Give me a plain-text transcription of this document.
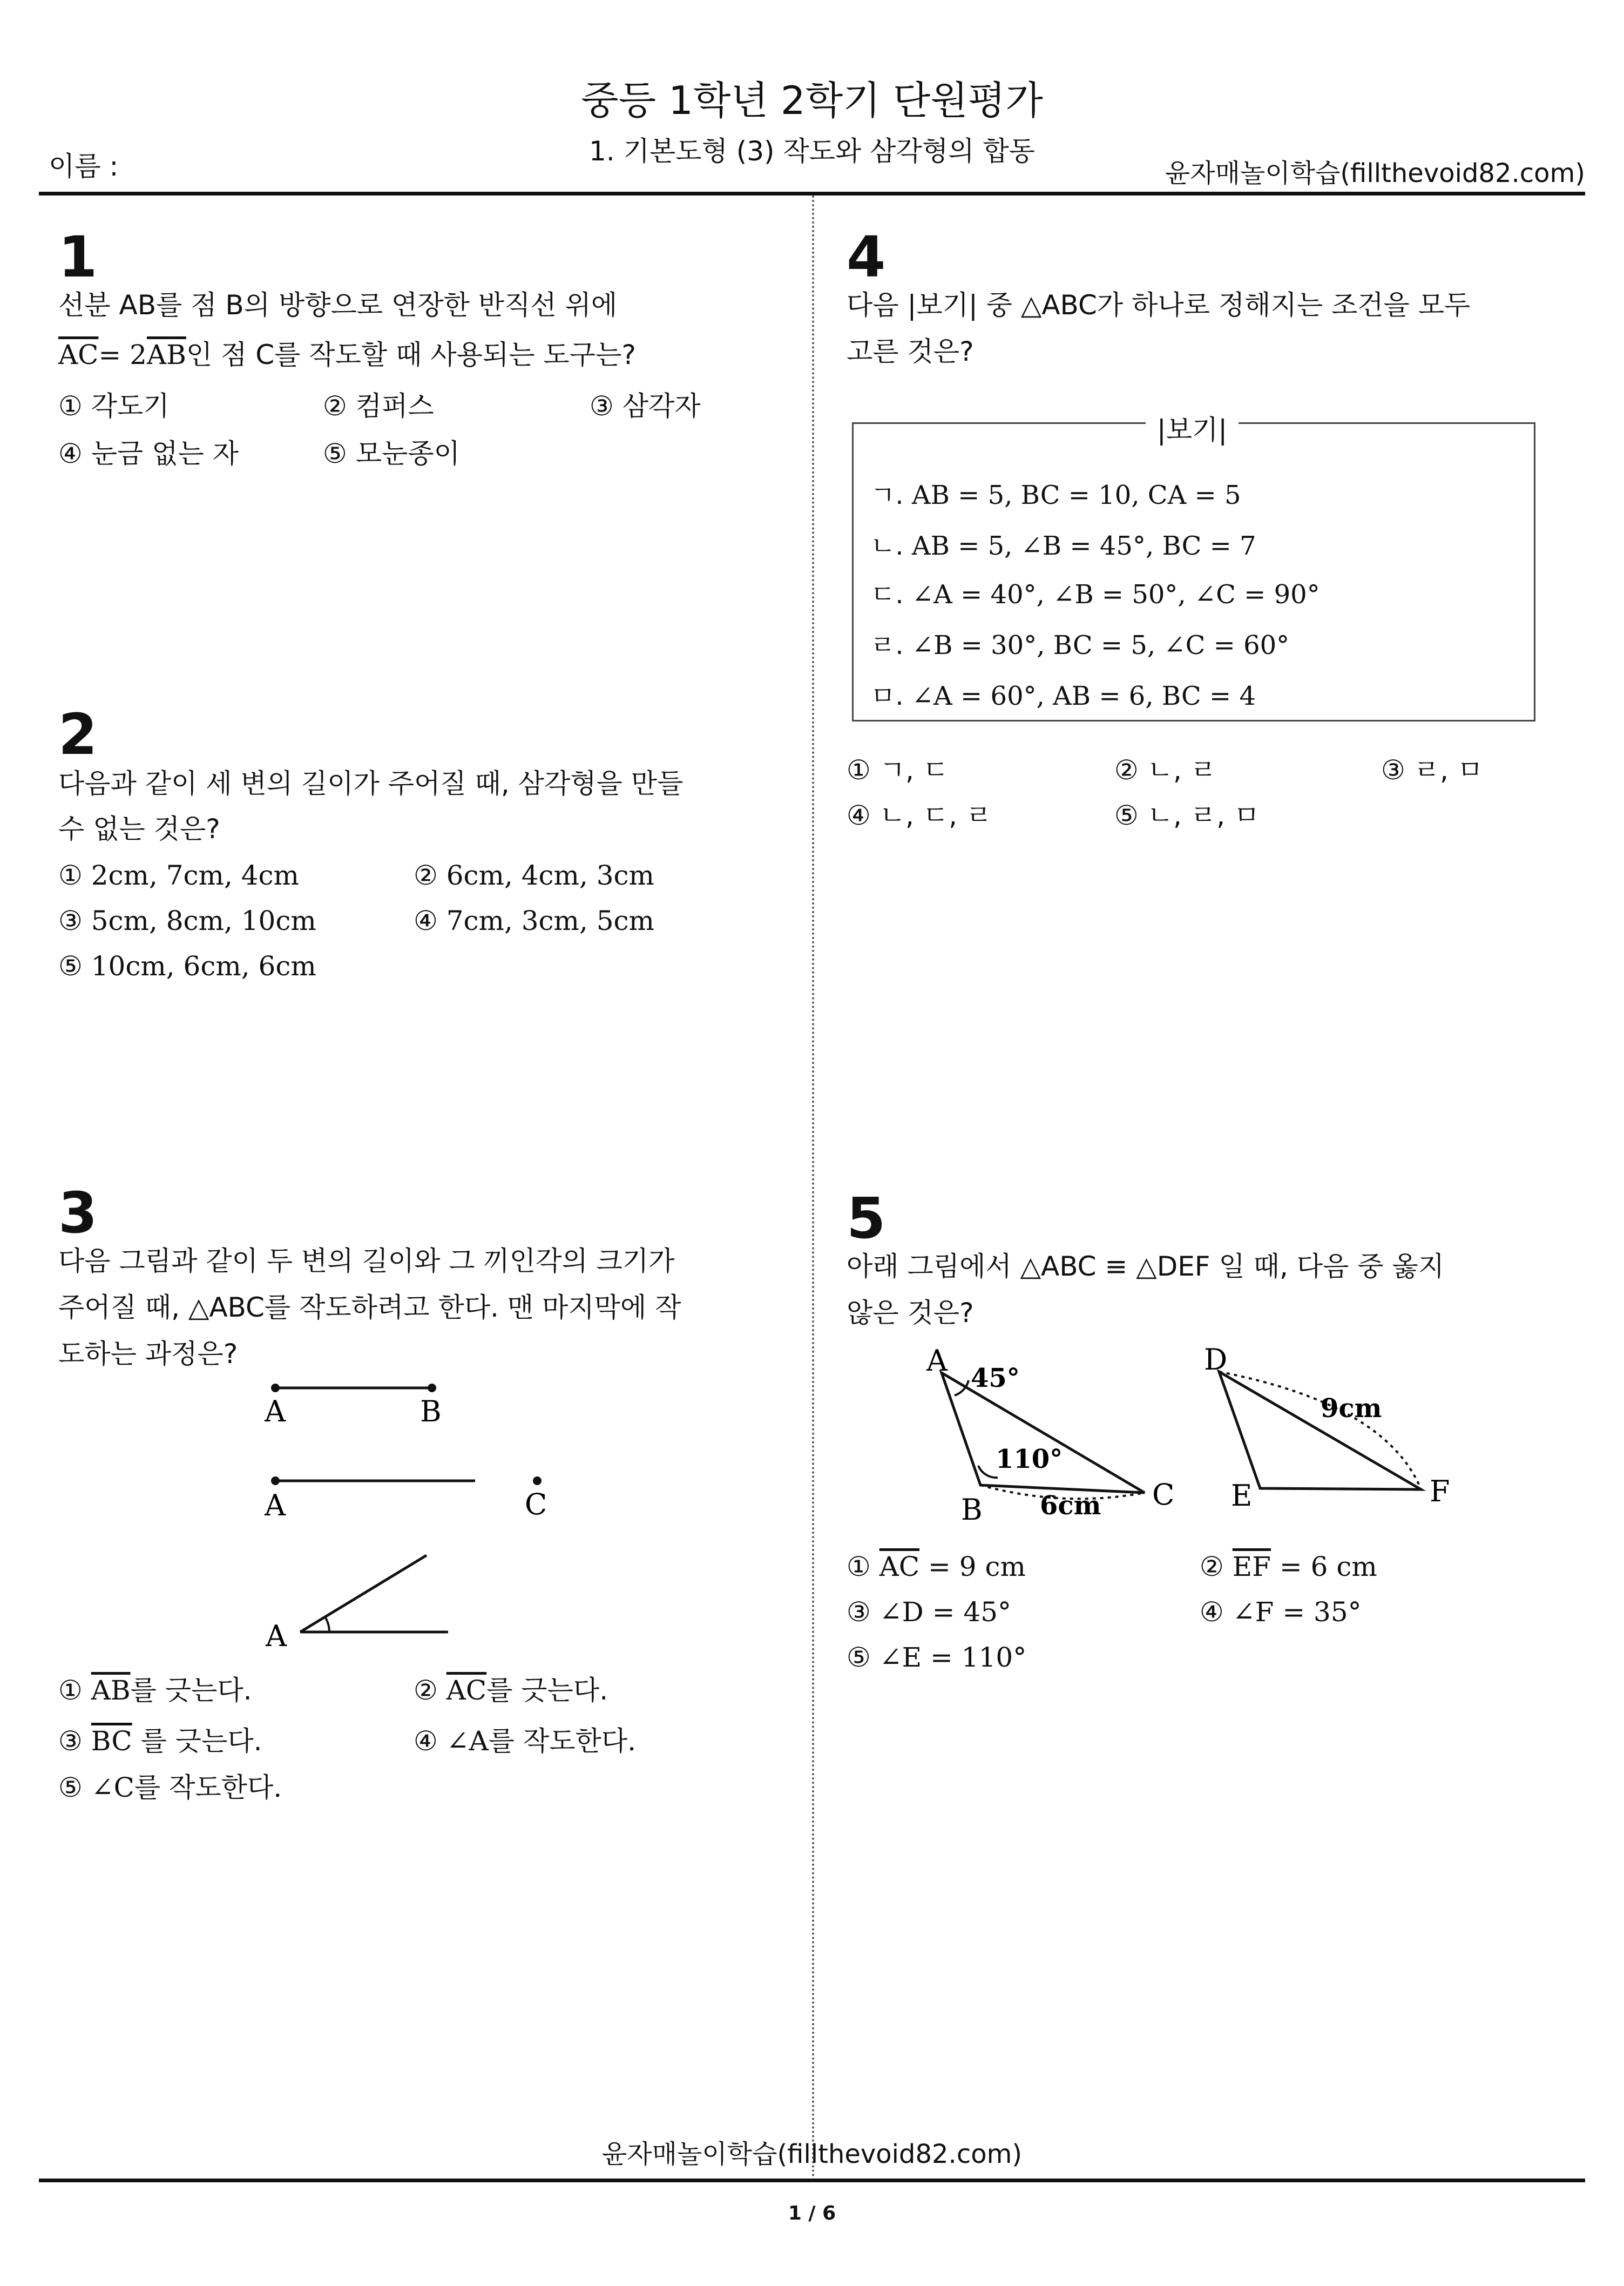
중등 1학년 2학기 단원평가
1. 기본도형 (3) 작도와 삼각형의 합동
이름 :	윤자매놀이학습(fillthevoid82.com)
1
선분 AB를 점 B의 방향으로 연장한 반직선 위에
$\overline{AC}= 2\overline{AB}$인 점 C를 작도할 때 사용되는 도구는?
① 각도기	② 컴퍼스	③ 삼각자
④ 눈금 없는 자	⑤ 모눈종이
2
다음과 같이 세 변의 길이가 주어질 때, 삼각형을 만들
수 없는 것은?
① 2cm, 7cm, 4cm	② 6cm, 4cm, 3cm
③ 5cm, 8cm, 10cm	④ 7cm, 3cm, 5cm
⑤ 10cm, 6cm, 6cm
3
다음 그림과 같이 두 변의 길이와 그 끼인각의 크기가
주어질 때, △ABC를 작도하려고 한다. 맨 마지막에 작
도하는 과정은?
A	B
A
A
C
① $\overline{AB}$를 긋는다.	② $\overline{AC}$를 긋는다.
③ $\overline{BC}$ 를 긋는다.	④ ∠A를 작도한다.
⑤ ∠C를 작도한다.
4
다음 |보기| 중 △ABC가 하나로 정해지는 조건을 모두
고른 것은?
|보기|
ㄱ. AB = 5, BC = 10, CA = 5
ㄴ. AB = 5, ∠B = 45°, BC = 7
ㄷ. ∠A = 40°, ∠B = 50°, ∠C = 90°
ㄹ. ∠B = 30°, BC = 5, ∠C = 60°
ㅁ. ∠A = 60°, AB = 6, BC = 4
① ㄱ, ㄷ	② ㄴ, ㄹ	③ ㄹ, ㅁ
④ ㄴ, ㄷ, ㄹ	⑤ ㄴ, ㄹ, ㅁ
5
아래 그림에서 △ABC ≡ △DEF 일 때, 다음 중 옳지
않은 것은?
A
B	C
45°
110°
6cm
D
E	F
9cm
① $\overline{AC} = 9$ cm	② $\overline{EF} = 6$ cm
③ ∠D = 45°	④ ∠F = 35°
⑤ ∠E = 110°
윤자매놀이학습(fillthevoid82.com)
1 / 6
